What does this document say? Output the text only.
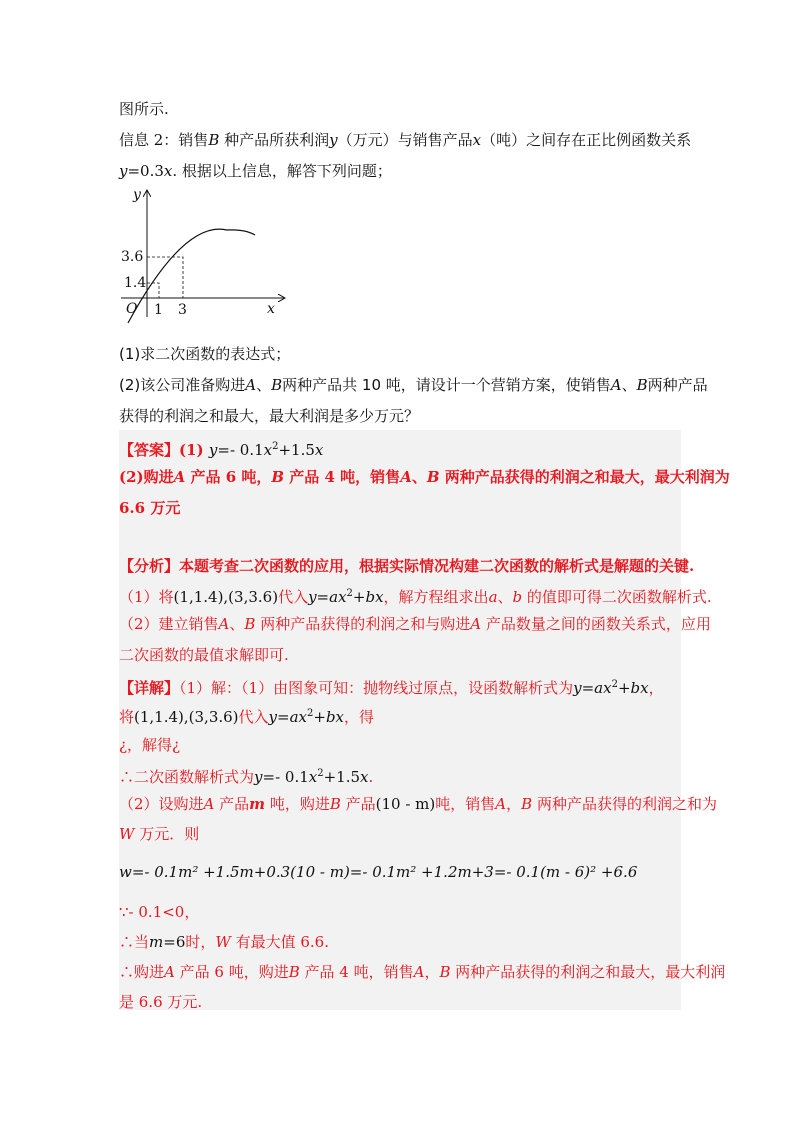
图所示.
信息 2：销售B 种产品所获利润y（万元）与销售产品x（吨）之间存在正比例函数关系
y=0.3x. 根据以上信息，解答下列问题；
y
x
O
3.6
1.4
1 3
(1)求二次函数的表达式；
(2)该公司准备购进A、B两种产品共 10 吨，请设计一个营销方案，使销售A、B两种产品
获得的利润之和最大，最大利润是多少万元？
【答案】(1) y=- $0.1x^2+1.5x$
(2)购进A 产品 6 吨，B 产品 4 吨，销售A、B 两种产品获得的利润之和最大，最大利润为
6.6 万元
【分析】本题考查二次函数的应用，根据实际情况构建二次函数的解析式是解题的关键.
（1）将(1,1.4),(3,3.6)代入$y=ax^2+bx$，解方程组求出a、b 的值即可得二次函数解析式.
（2）建立销售A、B 两种产品获得的利润之和与购进A 产品数量之间的函数关系式，应用
二次函数的最值求解即可.
【详解】（1）解：（1）由图象可知：抛物线过原点，设函数解析式为$y=ax^2+bx$，
将(1,1.4),(3,3.6)代入$y=ax^2+bx$，得
¿，解得¿
∴二次函数解析式为y=- $0.1x^2+1.5x$.
（2）设购进A 产品m 吨，购进B 产品(10 - m)吨，销售A，B 两种产品获得的利润之和为
W 万元．则
w=- 0.1m² +1.5m+0.3(10 - m)=- 0.1m² +1.2m+3=- 0.1(m - 6)² +6.6
∵- 0.1<0，
∴当m=6时，W 有最大值 6.6.
∴购进A 产品 6 吨，购进B 产品 4 吨，销售A，B 两种产品获得的利润之和最大，最大利润
是 6.6 万元.
